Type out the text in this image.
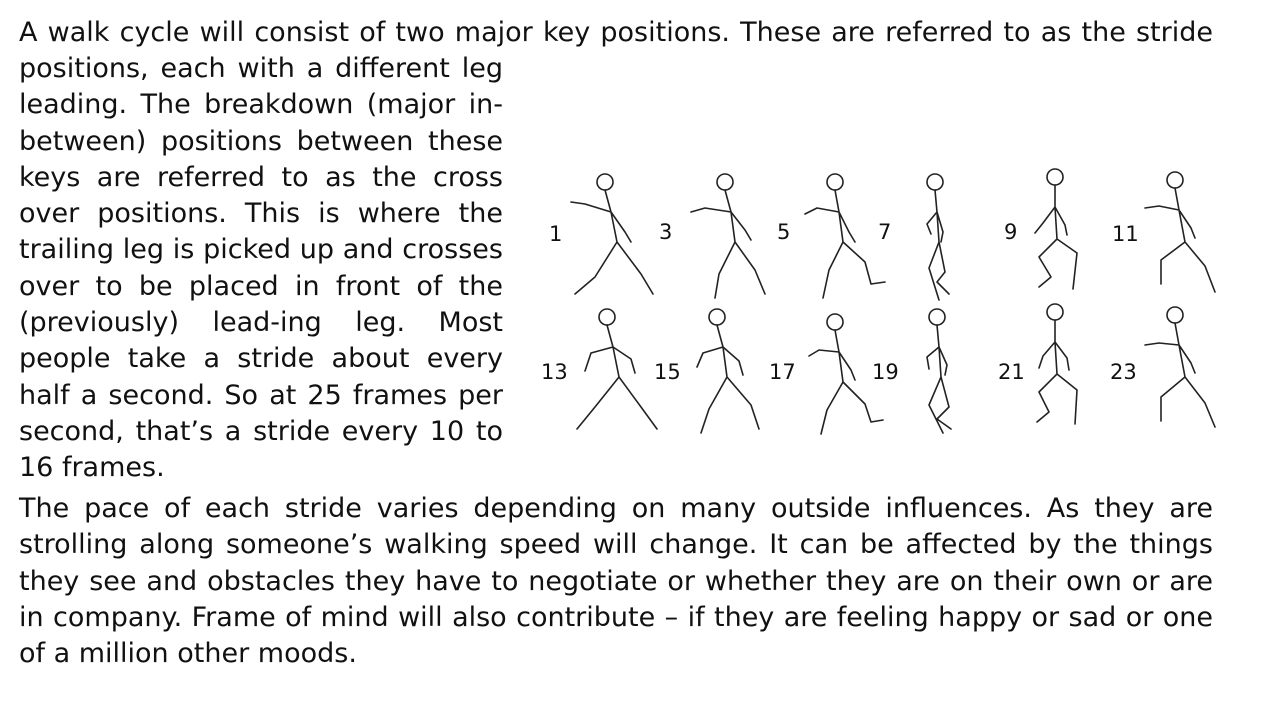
A walk cycle will consist of two major key positions. These are referred to as the stride

positions, each with a different leg leading. The breakdown (major in-between) positions between these keys are referred to as the cross over positions. This is where the trailing leg is picked up and crosses over to be placed in front of the (previously) lead-ing leg. Most people take a stride about every half a second. So at 25 frames per second, that’s a stride every 10 to 16 frames.

1	3	5	7	9	11
13	15	17	19	21	23

The pace of each stride varies depending on many outside influences. As they are strolling along someone’s walking speed will change. It can be affected by the things they see and obstacles they have to negotiate or whether they are on their own or are in company. Frame of mind will also contribute – if they are feeling happy or sad or one of a million other moods.
